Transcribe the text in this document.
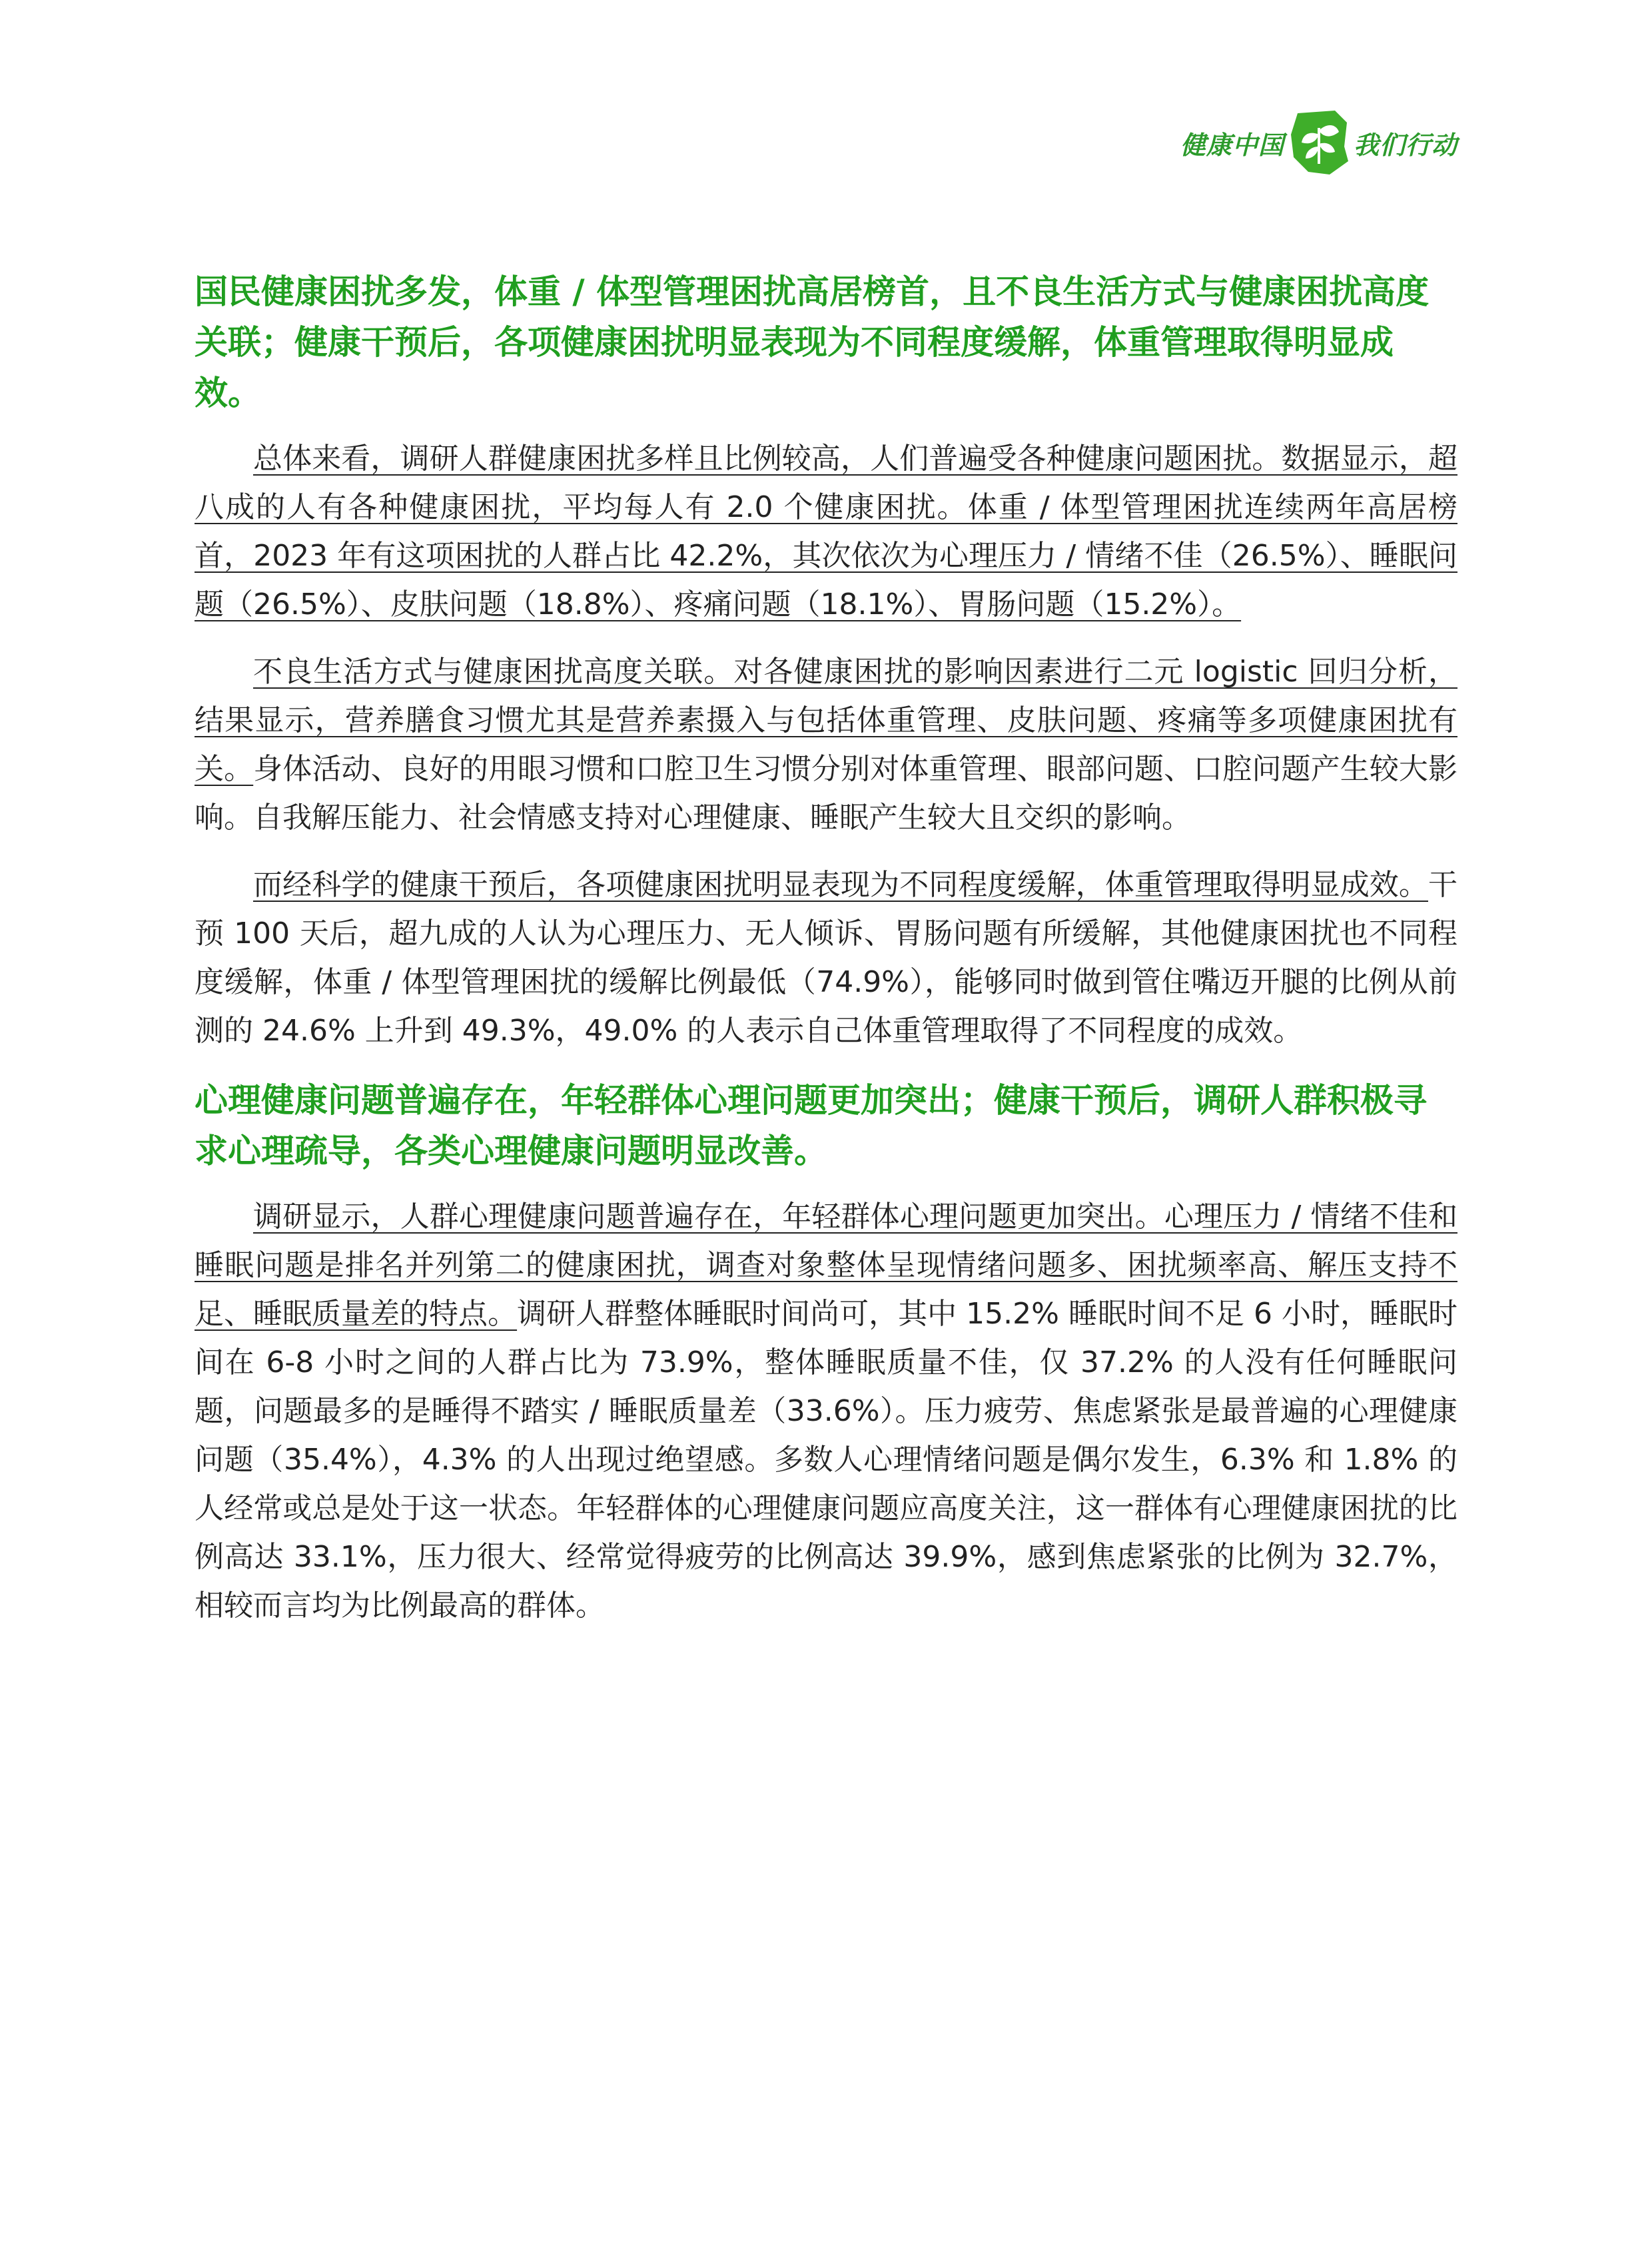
健康中国	我们行动
国民健康困扰多发，体重 / 体型管理困扰高居榜首，且不良生活方式与健康困扰高度关联；健康干预后，各项健康困扰明显表现为不同程度缓解，体重管理取得明显成效。

总体来看，调研人群健康困扰多样且比例较高，人们普遍受各种健康问题困扰。数据显示，超八成的人有各种健康困扰，平均每人有 2.0 个健康困扰。体重 / 体型管理困扰连续两年高居榜首，2023 年有这项困扰的人群占比 42.2%，其次依次为心理压力 / 情绪不佳（26.5%）、睡眠问题（26.5%）、皮肤问题（18.8%）、疼痛问题（18.1%）、胃肠问题（15.2%）。

不良生活方式与健康困扰高度关联。对各健康困扰的影响因素进行二元 logistic 回归分析，结果显示，营养膳食习惯尤其是营养素摄入与包括体重管理、皮肤问题、疼痛等多项健康困扰有关。身体活动、良好的用眼习惯和口腔卫生习惯分别对体重管理、眼部问题、口腔问题产生较大影响。自我解压能力、社会情感支持对心理健康、睡眠产生较大且交织的影响。

而经科学的健康干预后，各项健康困扰明显表现为不同程度缓解，体重管理取得明显成效。干预 100 天后，超九成的人认为心理压力、无人倾诉、胃肠问题有所缓解，其他健康困扰也不同程度缓解，体重 / 体型管理困扰的缓解比例最低（74.9%），能够同时做到管住嘴迈开腿的比例从前测的 24.6% 上升到 49.3%，49.0% 的人表示自己体重管理取得了不同程度的成效。

心理健康问题普遍存在，年轻群体心理问题更加突出；健康干预后，调研人群积极寻求心理疏导，各类心理健康问题明显改善。

调研显示，人群心理健康问题普遍存在，年轻群体心理问题更加突出。心理压力 / 情绪不佳和睡眠问题是排名并列第二的健康困扰，调查对象整体呈现情绪问题多、困扰频率高、解压支持不足、睡眠质量差的特点。调研人群整体睡眠时间尚可，其中 15.2% 睡眠时间不足 6 小时，睡眠时间在 6-8 小时之间的人群占比为 73.9%，整体睡眠质量不佳，仅 37.2% 的人没有任何睡眠问题，问题最多的是睡得不踏实 / 睡眠质量差（33.6%）。压力疲劳、焦虑紧张是最普遍的心理健康问题（35.4%），4.3% 的人出现过绝望感。多数人心理情绪问题是偶尔发生，6.3% 和 1.8% 的人经常或总是处于这一状态。年轻群体的心理健康问题应高度关注，这一群体有心理健康困扰的比例高达 33.1%，压力很大、经常觉得疲劳的比例高达 39.9%，感到焦虑紧张的比例为 32.7%，相较而言均为比例最高的群体。
